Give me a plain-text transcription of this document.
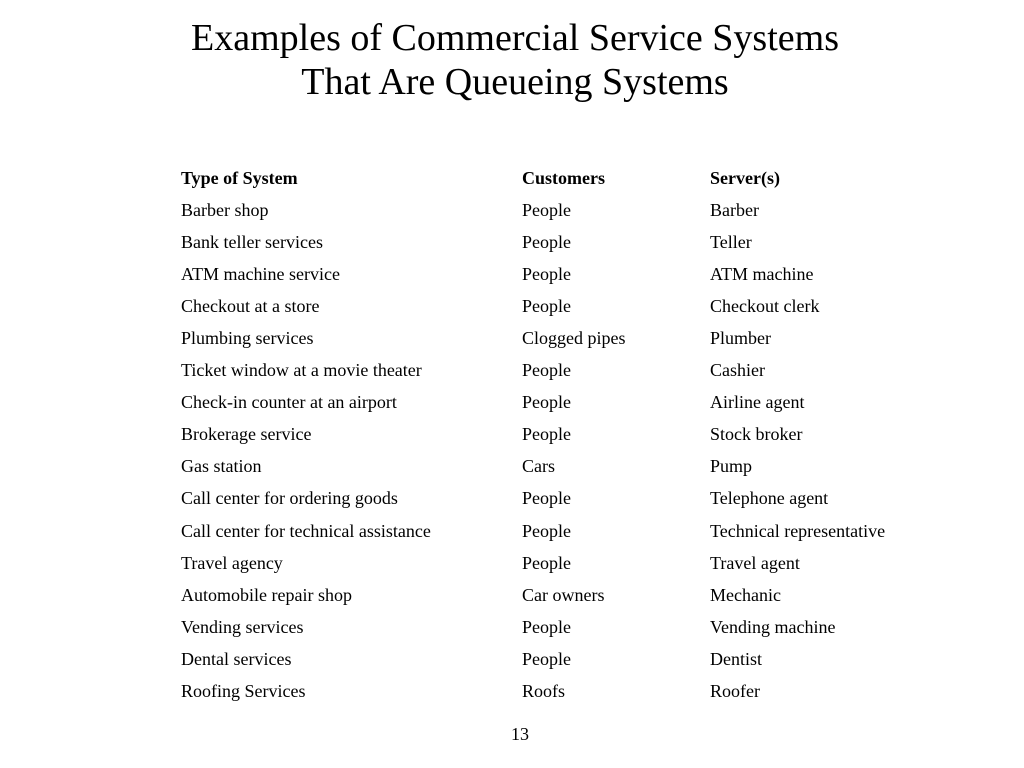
Examples of Commercial Service Systems
That Are Queueing Systems
Type of System	Customers	Server(s)
Barber shop	People	Barber
Bank teller services	People	Teller
ATM machine service	People	ATM machine
Checkout at a store	People	Checkout clerk
Plumbing services	Clogged pipes	Plumber
Ticket window at a movie theater	People	Cashier
Check-in counter at an airport	People	Airline agent
Brokerage service	People	Stock broker
Gas station	Cars	Pump
Call center for ordering goods	People	Telephone agent
Call center for technical assistance	People	Technical representative
Travel agency	People	Travel agent
Automobile repair shop	Car owners	Mechanic
Vending services	People	Vending machine
Dental services	People	Dentist
Roofing Services	Roofs	Roofer
13
